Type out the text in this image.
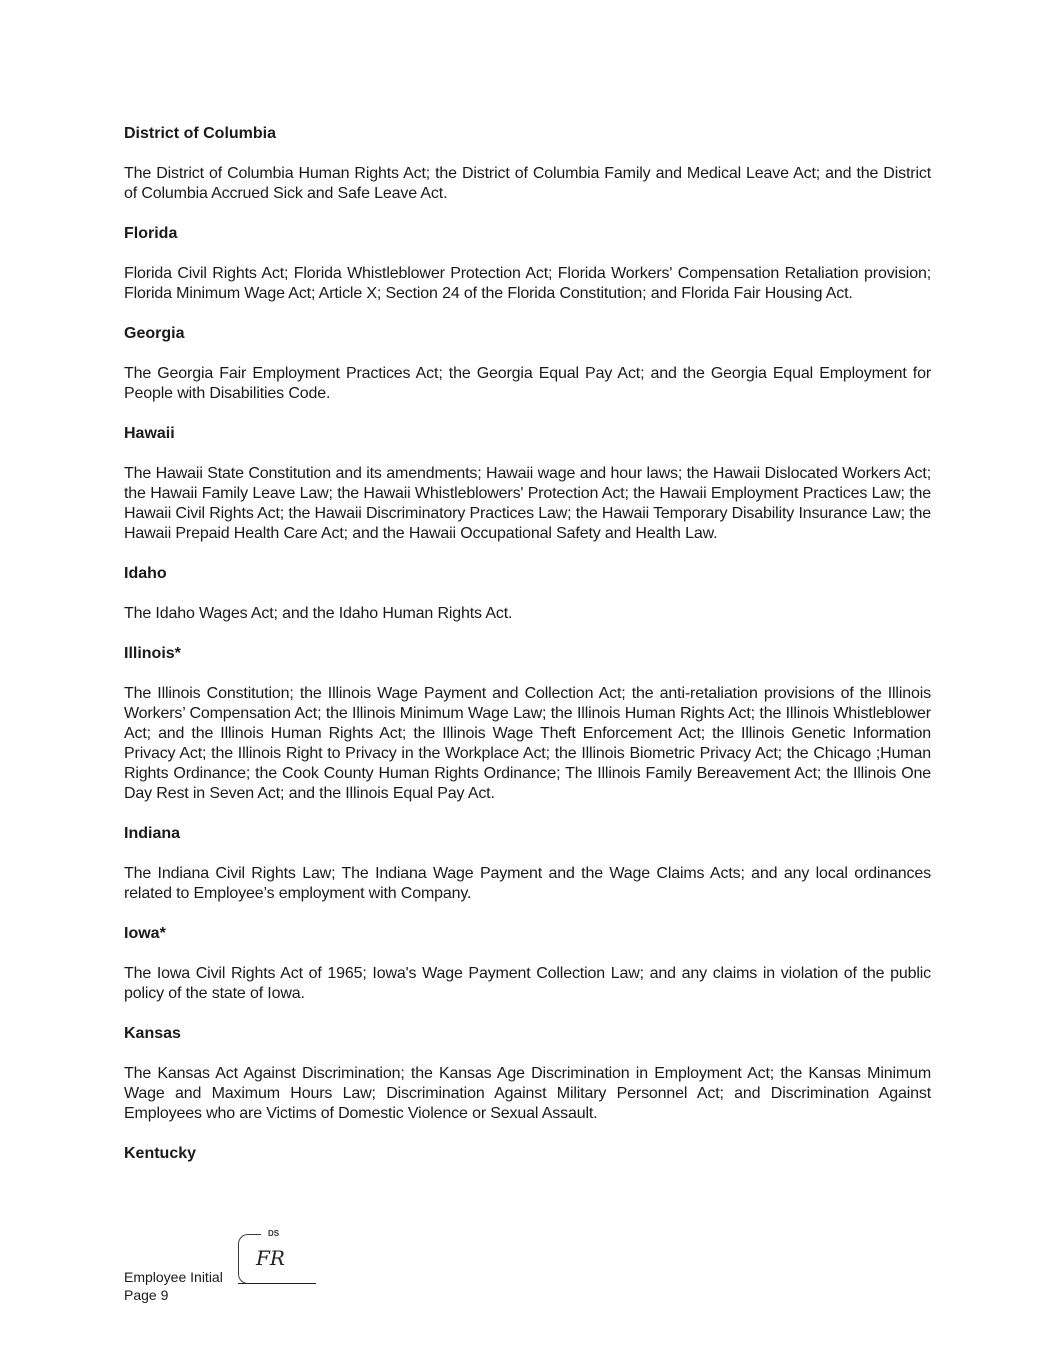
District of Columbia
The District of Columbia Human Rights Act; the District of Columbia Family and Medical Leave Act; and the District of Columbia Accrued Sick and Safe Leave Act.
Florida
Florida Civil Rights Act; Florida Whistleblower Protection Act; Florida Workers' Compensation Retaliation provision; Florida Minimum Wage Act; Article X; Section 24 of the Florida Constitution; and Florida Fair Housing Act.
Georgia
The Georgia Fair Employment Practices Act; the Georgia Equal Pay Act; and the Georgia Equal Employment for People with Disabilities Code.
Hawaii
The Hawaii State Constitution and its amendments; Hawaii wage and hour laws; the Hawaii Dislocated Workers Act; the Hawaii Family Leave Law; the Hawaii Whistleblowers' Protection Act; the Hawaii Employment Practices Law; the Hawaii Civil Rights Act; the Hawaii Discriminatory Practices Law; the Hawaii Temporary Disability Insurance Law; the Hawaii Prepaid Health Care Act; and the Hawaii Occupational Safety and Health Law.
Idaho
The Idaho Wages Act; and the Idaho Human Rights Act.
Illinois*
The Illinois Constitution; the Illinois Wage Payment and Collection Act; the anti-retaliation provisions of the Illinois Workers’ Compensation Act; the Illinois Minimum Wage Law; the Illinois Human Rights Act; the Illinois Whistleblower Act; and the Illinois Human Rights Act; the Illinois Wage Theft Enforcement Act; the Illinois Genetic Information Privacy Act; the Illinois Right to Privacy in the Workplace Act; the Illinois Biometric Privacy Act; the Chicago ;Human Rights Ordinance; the Cook County Human Rights Ordinance; The Illinois Family Bereavement Act; the Illinois One Day Rest in Seven Act; and the Illinois Equal Pay Act.
Indiana
The Indiana Civil Rights Law; The Indiana Wage Payment and the Wage Claims Acts; and any local ordinances related to Employee’s employment with Company.
Iowa*
The Iowa Civil Rights Act of 1965; Iowa's Wage Payment Collection Law; and any claims in violation of the public policy of the state of Iowa.
Kansas
The Kansas Act Against Discrimination; the Kansas Age Discrimination in Employment Act; the Kansas Minimum Wage and Maximum Hours Law; Discrimination Against Military Personnel Act; and Discrimination Against Employees who are Victims of Domestic Violence or Sexual Assault.
Kentucky
Employee Initial
Page 9
DS
FR
